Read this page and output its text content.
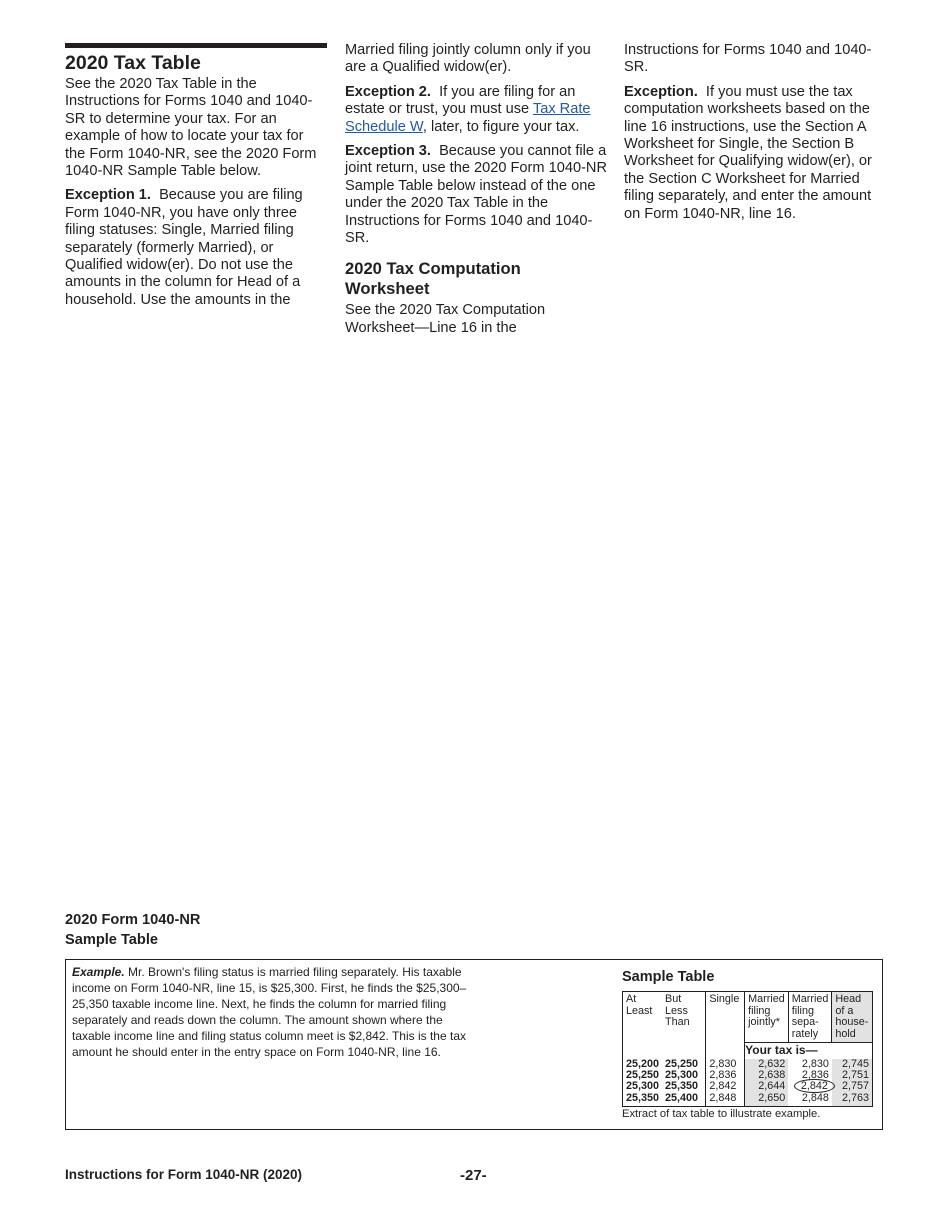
2020 Tax Table

See the 2020 Tax Table in the Instructions for Forms 1040 and 1040-SR to determine your tax. For an example of how to locate your tax for the Form 1040-NR, see the 2020 Form 1040-NR Sample Table below.

Exception 1. Because you are filing Form 1040-NR, you have only three filing statuses: Single, Married filing separately (formerly Married), or Qualified widow(er). Do not use the amounts in the column for Head of a household. Use the amounts in the

Married filing jointly column only if you are a Qualified widow(er).

Exception 2. If you are filing for an estate or trust, you must use Tax Rate Schedule W, later, to figure your tax.

Exception 3. Because you cannot file a joint return, use the 2020 Form 1040-NR Sample Table below instead of the one under the 2020 Tax Table in the Instructions for Forms 1040 and 1040-SR.

2020 Tax Computation Worksheet

See the 2020 Tax Computation Worksheet—Line 16 in the

Instructions for Forms 1040 and 1040-SR.

Exception. If you must use the tax computation worksheets based on the line 16 instructions, use the Section A Worksheet for Single, the Section B Worksheet for Qualifying widow(er), or the Section C Worksheet for Married filing separately, and enter the amount on Form 1040-NR, line 16.

2020 Form 1040-NR
Sample Table
Example. Mr. Brown's filing status is married filing separately. His taxable income on Form 1040-NR, line 15, is $25,300. First, he finds the $25,300–25,350 taxable income line. Next, he finds the column for married filing separately and reads down the column. The amount shown where the taxable income line and filing status column meet is $2,842. This is the tax amount he should enter in the entry space on Form 1040-NR, line 16.
Sample Table
At Least	But Less Than	Single	Married filing jointly*	Married filing sepa-rately	Head of a house-hold
			Your tax is—		
25,200	25,250	2,830	2,632	2,830	2,745
25,250	25,300	2,836	2,638	2,836	2,751
25,300	25,350	2,842	2,644	2,842	2,757
25,350	25,400	2,848	2,650	2,848	2,763
Extract of tax table to illustrate example.
Instructions for Form 1040-NR (2020)	-27-
